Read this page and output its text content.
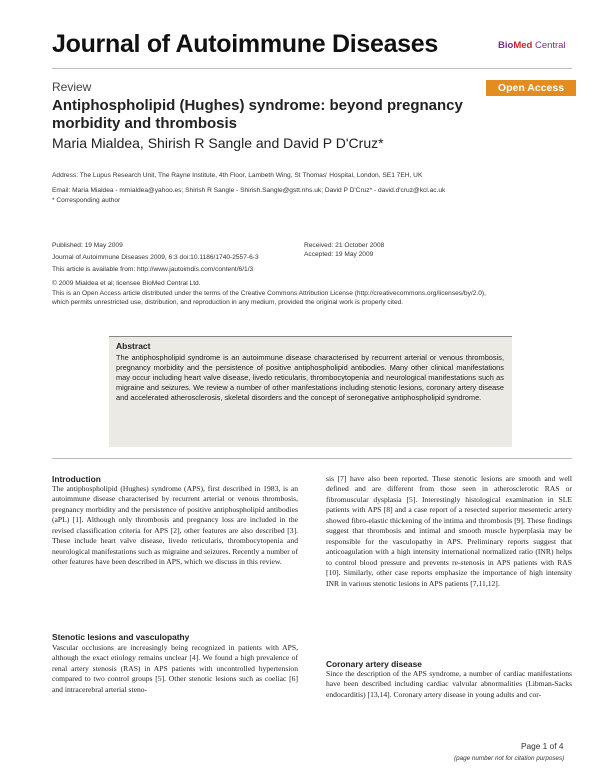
Journal of Autoimmune Diseases	BioMed Central
Review	Open Access
Antiphospholipid (Hughes) syndrome: beyond pregnancy morbidity and thrombosis
Maria Mialdea, Shirish R Sangle and David P D'Cruz*
Address: The Lupus Research Unit, The Rayne Institute, 4th Floor, Lambeth Wing, St Thomas' Hospital, London, SE1 7EH, UK
Email: Maria Mialdea - mmialdea@yahoo.es; Shirish R Sangle - Shirish.Sangle@gstt.nhs.uk; David P D'Cruz* - david.d'cruz@kcl.ac.uk
* Corresponding author
Published: 19 May 2009
Journal of Autoimmune Diseases 2009, 6:3 doi:10.1186/1740-2557-6-3
This article is available from: http://www.jautoimdis.com/content/6/1/3
Received: 21 October 2008
Accepted: 19 May 2009
© 2009 Mialdea et al; licensee BioMed Central Ltd.
This is an Open Access article distributed under the terms of the Creative Commons Attribution License (http://creativecommons.org/licenses/by/2.0),
which permits unrestricted use, distribution, and reproduction in any medium, provided the original work is properly cited.
Abstract
The antiphospholipid syndrome is an autoimmune disease characterised by recurrent arterial or venous thrombosis, pregnancy morbidity and the persistence of positive antiphospholipid antibodies. Many other clinical manifestations may occur including heart valve disease, livedo reticularis, thrombocytopenia and neurological manifestations such as migraine and seizures. We review a number of other manfestations including stenotic lesions, coronary artery disease and accelerated atherosclerosis, skeletal disorders and the concept of seronegative antiphospholipid syndrome.
Introduction
The antiphospholipid (Hughes) syndrome (APS), first described in 1983, is an autoimmune disease characterised by recurrent arterial or venous thrombosis, pregnancy morbidity and the persistence of positive antiphospholipid antibodies (aPL) [1]. Although only thrombosis and pregnancy loss are included in the revised classification criteria for APS [2], other features are also described [3]. These include heart valve disease, livedo reticularis, thrombocytopenia and neurological manifestations such as migraine and seizures. Recently a number of other features have been described in APS, which we discuss in this review.
Stenotic lesions and vasculopathy
Vascular occlusions are increasingly being recognized in patients with APS, although the exact etiology remains unclear [4]. We found a high prevalence of renal artery stenosis (RAS) in APS patients with uncontrolled hypertension compared to two control groups [5]. Other stenotic lesions such as coeliac [6] and intracerebral arterial steno-
sis [7] have also been reported. These stenotic lesions are smooth and well defined and are different from those seen in atherosclerotic RAS or fibromuscular dysplasia [5]. Interestingly histological examination in SLE patients with APS [8] and a case report of a resected superior mesenteric artery showed fibro-elastic thickening of the intima and thrombosis [9]. These findings suggest that thrombosis and intimal and smooth muscle hyperplasia may be responsible for the vasculopathy in APS. Preliminary reports suggest that anticoagulation with a high intensity international normalized ratio (INR) helps to control blood pressure and prevents re-stenosis in APS patients with RAS [10]. Similarly, other case reports emphasize the importance of high intensity INR in various stenotic lesions in APS patients [7,11,12].
Coronary artery disease
Since the description of the APS syndrome, a number of cardiac manifestations have been described including cardiac valvular abnormalities (Libman-Sacks endocarditis) [13,14]. Coronary artery disease in young adults and cor-
Page 1 of 4
(page number not for citation purposes)
